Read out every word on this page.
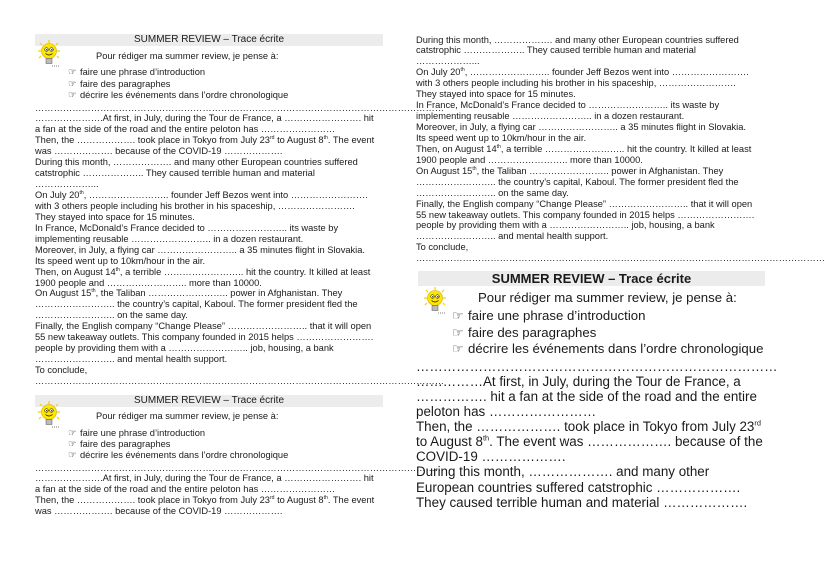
SUMMER REVIEW – Trace écrite
Pour rédiger ma summer review, je pense à:
☞ faire une phrase d’introduction
☞ faire des paragraphes
☞ décrire les événements dans l’ordre chronologique
……………………………………………………………………………………………………………………
………………….At first, in July, during the Tour de France, a ……………………. hit
a fan at the side of the road and the entire peloton has ……………………
Then, the ………………. took place in Tokyo from July 23rd to August 8th. The event
was ………………. because of the COVID-19 ……………….
During this month, ………………. and many other European countries suffered
catstrophic ……………….. They caused terrible human and material
………………...
On July 20th, …………………….. founder Jeff Bezos went into …………………….
with 3 others people including his brother in his spaceship, …………………….
They stayed into space for 15 minutes.
In France, McDonald’s France decided to …………………….. its waste by
implementing reusable …………………….. in a dozen restaurant.
Moreover, in July, a flying car …………………….. a 35 minutes flight in Slovakia.
Its speed went up to 10km/hour in the air.
Then, on August 14th, a terrible …………………….. hit the country. It killed at least
1900 people and …………………….. more than 10000.
On August 15th, the Taliban …………………….. power in Afghanistan. They
…………………….. the country’s capital, Kaboul. The former president fled the
…………………….. on the same day.
Finally, the English company “Change Please” …………………….. that it will open
55 new takeaway outlets. This company founded in 2015 helps …………………….
people by providing them with a …………………….. job, housing, a bank
…………………….. and mental health support.
To conclude,
……………………………………………………………………………………………………………………
SUMMER REVIEW – Trace écrite
Pour rédiger ma summer review, je pense à:
☞ faire une phrase d’introduction
☞ faire des paragraphes
☞ décrire les événements dans l’ordre chronologique
……………………………………………………………………………………………………………………
………………….At first, in July, during the Tour de France, a ……………………. hit
a fan at the side of the road and the entire peloton has ……………………
Then, the ………………. took place in Tokyo from July 23rd to August 8th. The event
was ………………. because of the COVID-19 ……………….
During this month, ………………. and many other European countries suffered
catstrophic ……………….. They caused terrible human and material
………………...
On July 20th, …………………….. founder Jeff Bezos went into …………………….
with 3 others people including his brother in his spaceship, …………………….
They stayed into space for 15 minutes.
In France, McDonald’s France decided to …………………….. its waste by
implementing reusable …………………….. in a dozen restaurant.
Moreover, in July, a flying car …………………….. a 35 minutes flight in Slovakia.
Its speed went up to 10km/hour in the air.
Then, on August 14th, a terrible …………………….. hit the country. It killed at least
1900 people and …………………….. more than 10000.
On August 15th, the Taliban …………………….. power in Afghanistan. They
…………………….. the country’s capital, Kaboul. The former president fled the
…………………….. on the same day.
Finally, the English company “Change Please” …………………….. that it will open
55 new takeaway outlets. This company founded in 2015 helps …………………….
people by providing them with a …………………….. job, housing, a bank
…………………….. and mental health support.
To conclude,
……………………………………………………………………………………………………………………
SUMMER REVIEW – Trace écrite
Pour rédiger ma summer review, je pense à:
☞ faire une phrase d’introduction
☞ faire des paragraphes
☞ décrire les événements dans l’ordre chronologique
………………………………………………………………………
……………At first, in July, during the Tour de France, a
……………. hit a fan at the side of the road and the entire
peloton has ……………………
Then, the ………………. took place in Tokyo from July 23rd
to August 8th. The event was ………………. because of the
COVID-19 ……………….
During this month, ………………. and many other
European countries suffered catstrophic ……………….
They caused terrible human and material ……………….
